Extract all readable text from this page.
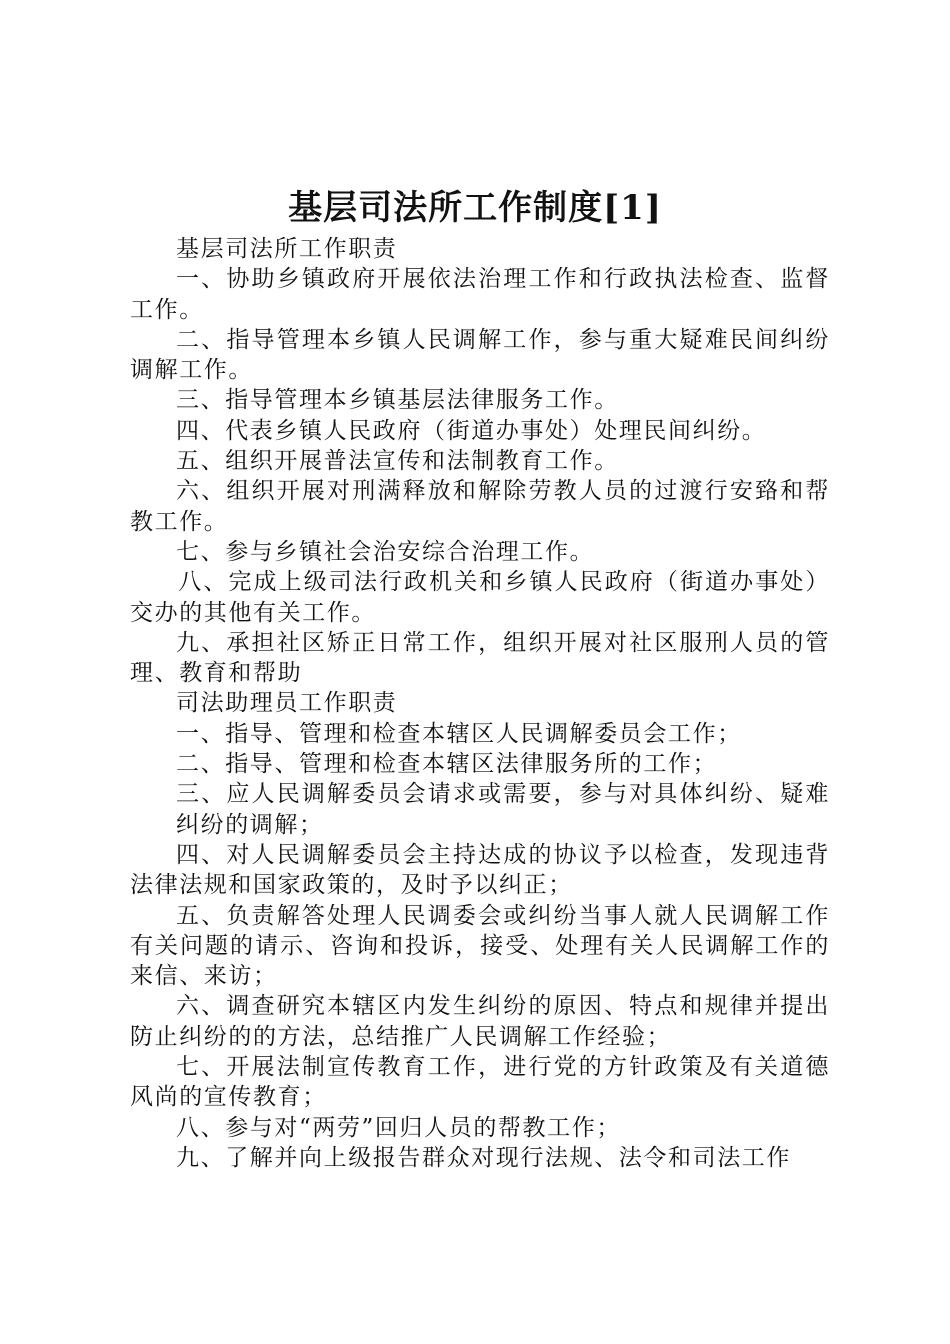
基层司法所工作制度[1]

基层司法所工作职责

一、协助乡镇政府开展依法治理工作和行政执法检查、监督工作。

二、指导管理本乡镇人民调解工作，参与重大疑难民间纠纷调解工作。

三、指导管理本乡镇基层法律服务工作。

四、代表乡镇人民政府（街道办事处）处理民间纠纷。

五、组织开展普法宣传和法制教育工作。

六、组织开展对刑满释放和解除劳教人员的过渡行安臵和帮教工作。

七、参与乡镇社会治安综合治理工作。

八、完成上级司法行政机关和乡镇人民政府（街道办事处）交办的其他有关工作。

九、承担社区矫正日常工作，组织开展对社区服刑人员的管理、教育和帮助

司法助理员工作职责

一、指导、管理和检查本辖区人民调解委员会工作；

二、指导、管理和检查本辖区法律服务所的工作；

三、应人民调解委员会请求或需要，参与对具体纠纷、疑难纠纷的调解；

四、对人民调解委员会主持达成的协议予以检查，发现违背法律法规和国家政策的，及时予以纠正；

五、负责解答处理人民调委会或纠纷当事人就人民调解工作有关问题的请示、咨询和投诉，接受、处理有关人民调解工作的来信、来访；

六、调查研究本辖区内发生纠纷的原因、特点和规律并提出防止纠纷的的方法，总结推广人民调解工作经验；

七、开展法制宣传教育工作，进行党的方针政策及有关道德风尚的宣传教育；

八、参与对“两劳”回归人员的帮教工作；

九、了解并向上级报告群众对现行法规、法令和司法工作
